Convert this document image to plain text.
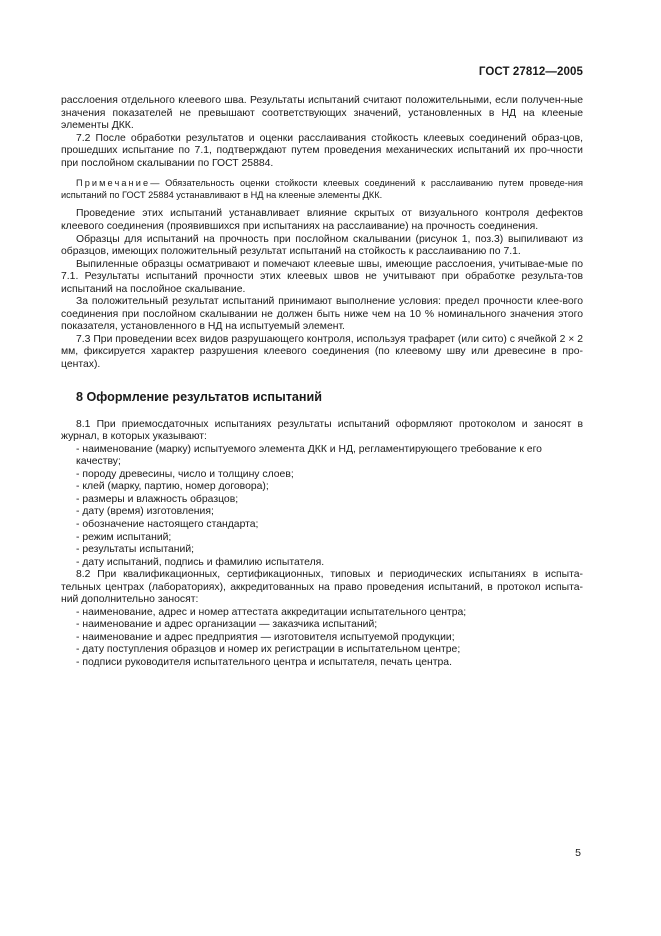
ГОСТ 27812—2005

расслоения отдельного клеевого шва. Результаты испытаний считают положительными, если получен-ные значения показателей не превышают соответствующих значений, установленных в НД на клееные элементы ДКК.

7.2 После обработки результатов и оценки расслаивания стойкость клеевых соединений образ-цов, прошедших испытание по 7.1, подтверждают путем проведения механических испытаний их про-чности при послойном скалывании по ГОСТ 25884.

Примечание— Обязательность оценки стойкости клеевых соединений к расслаиванию путем проведе-ния испытаний по ГОСТ 25884 устанавливают в НД на клееные элементы ДКК.

Проведение этих испытаний устанавливает влияние скрытых от визуального контроля дефектов клеевого соединения (проявившихся при испытаниях на расслаивание) на прочность соединения.

Образцы для испытаний на прочность при послойном скалывании (рисунок 1, поз.3) выпиливают из образцов, имеющих положительный результат испытаний на стойкость к расслаиванию по 7.1.

Выпиленные образцы осматривают и помечают клеевые швы, имеющие расслоения, учитывае-мые по 7.1. Результаты испытаний прочности этих клеевых швов не учитывают при обработке результа-тов испытаний на послойное скалывание.

За положительный результат испытаний принимают выполнение условия: предел прочности клее-вого соединения при послойном скалывании не должен быть ниже чем на 10 % номинального значения этого показателя, установленного в НД на испытуемый элемент.

7.3 При проведении всех видов разрушающего контроля, используя трафарет (или сито) с ячейкой 2 × 2 мм, фиксируется характер разрушения клеевого соединения (по клеевому шву или древесине в про-центах).

8 Оформление результатов испытаний

8.1 При приемосдаточных испытаниях результаты испытаний оформляют протоколом и заносят в журнал, в которых указывают:

- наименование (марку) испытуемого элемента ДКК и НД, регламентирующего требование к его качеству;
- породу древесины, число и толщину слоев;
- клей (марку, партию, номер договора);
- размеры и влажность образцов;
- дату (время) изготовления;
- обозначение настоящего стандарта;
- режим испытаний;
- результаты испытаний;
- дату испытаний, подпись и фамилию испытателя.

8.2 При квалификационных, сертификационных, типовых и периодических испытаниях в испыта-тельных центрах (лабораториях), аккредитованных на право проведения испытаний, в протокол испыта-ний дополнительно заносят:

- наименование, адрес и номер аттестата аккредитации испытательного центра;
- наименование и адрес организации — заказчика испытаний;
- наименование и адрес предприятия — изготовителя испытуемой продукции;
- дату поступления образцов и номер их регистрации в испытательном центре;
- подписи руководителя испытательного центра и испытателя, печать центра.
5
